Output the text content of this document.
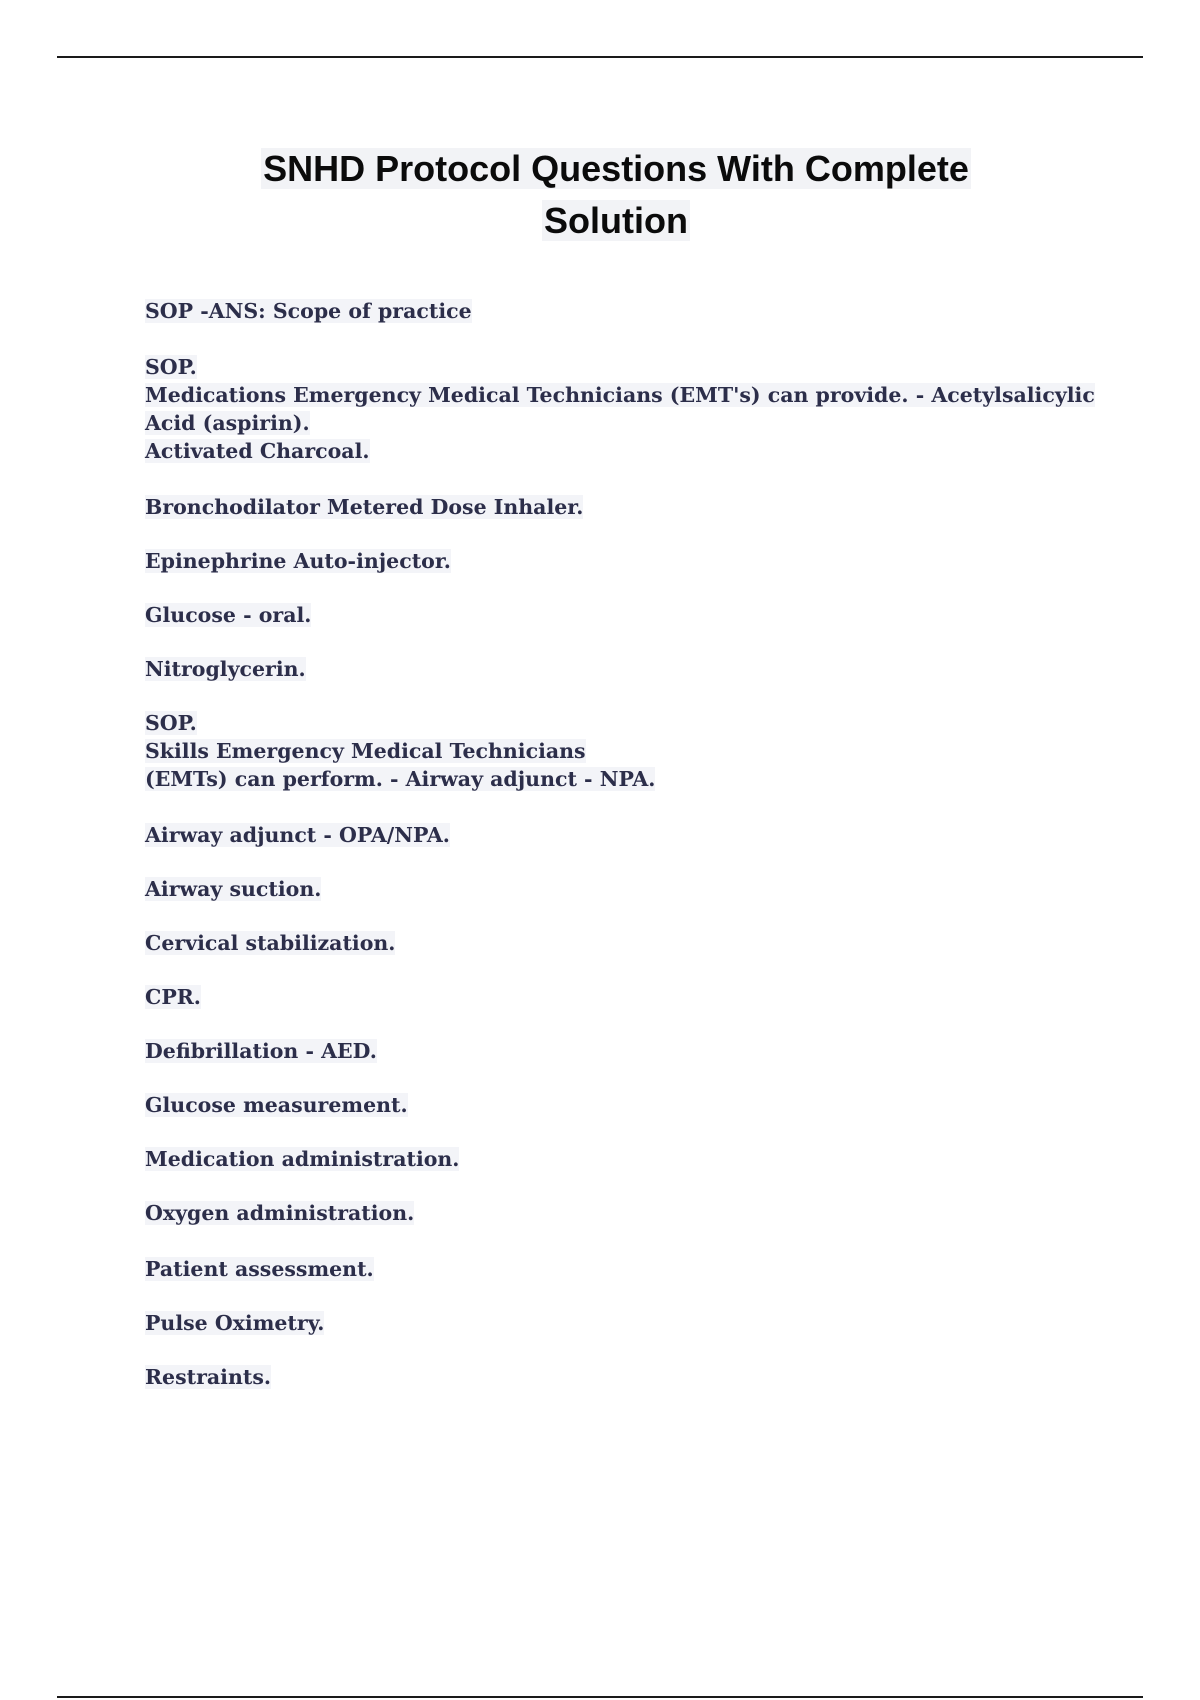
SNHD Protocol Questions With Complete
Solution

SOP -ANS: Scope of practice

SOP.
Medications Emergency Medical Technicians (EMT's) can provide. - Acetylsalicylic
Acid (aspirin).
Activated Charcoal.

Bronchodilator Metered Dose Inhaler.

Epinephrine Auto-injector.

Glucose - oral.

Nitroglycerin.

SOP.
Skills Emergency Medical Technicians
(EMTs) can perform. - Airway adjunct - NPA.

Airway adjunct - OPA/NPA.

Airway suction.

Cervical stabilization.

CPR.

Defibrillation - AED.

Glucose measurement.

Medication administration.

Oxygen administration.

Patient assessment.

Pulse Oximetry.

Restraints.
